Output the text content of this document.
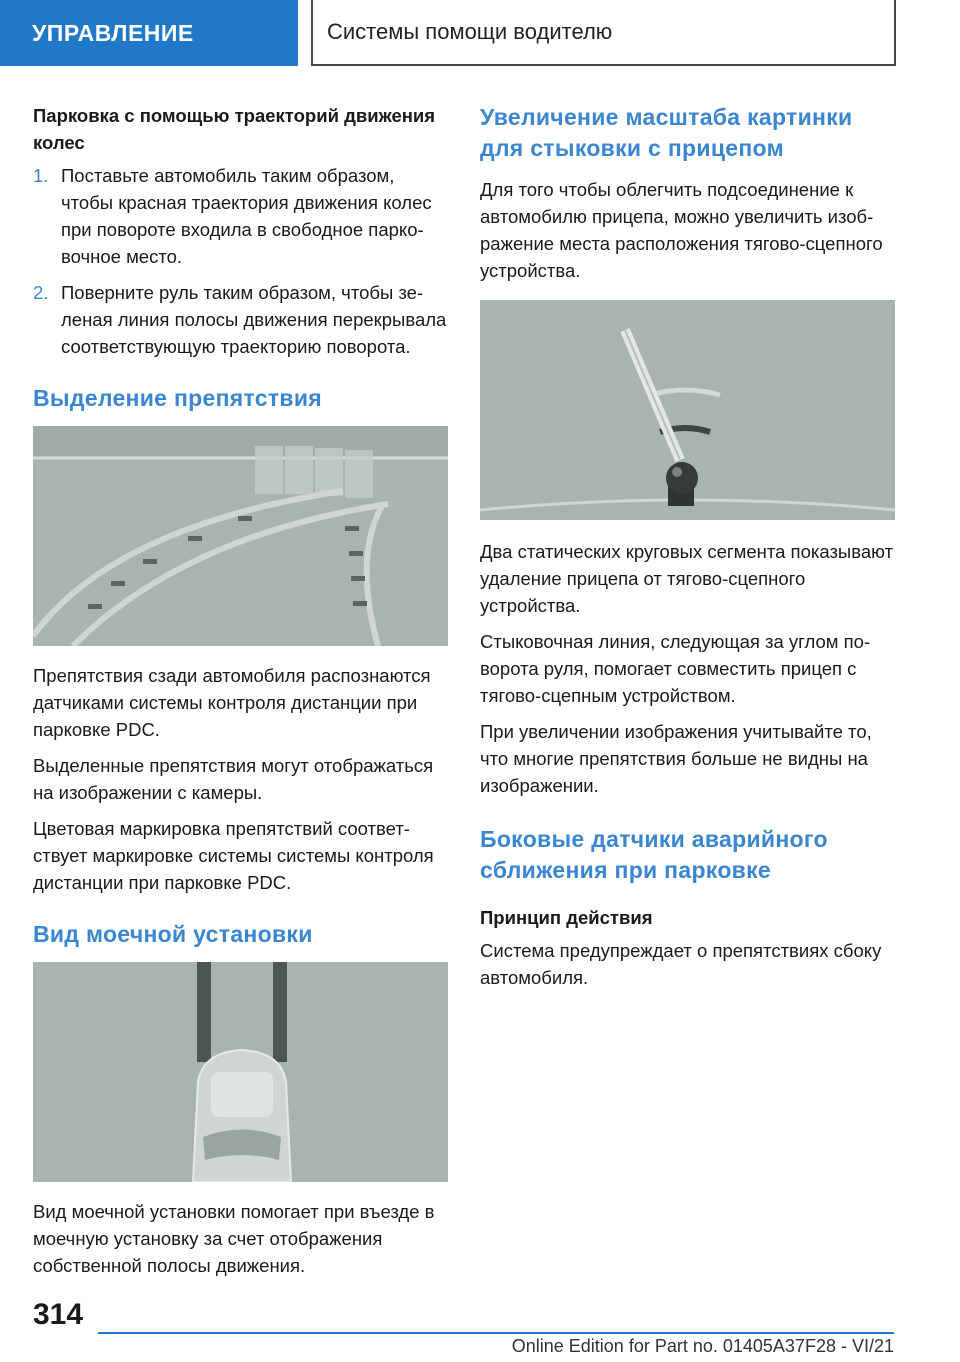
УПРАВЛЕНИЕ	Системы помощи водителю
Парковка с помощью траекторий движения колес
1. Поставьте автомобиль таким образом, чтобы красная траектория движения колес при повороте входила в свободное парковочное место.
2. Поверните руль таким образом, чтобы зеленая линия полосы движения перекрывала соответствующую траекторию поворота.
Выделение препятствия

Препятствия сзади автомобиля распознаются датчиками системы контроля дистанции при парковке PDC.

Выделенные препятствия могут отображаться на изображении с камеры.

Цветовая маркировка препятствий соответствует маркировке системы системы контроля дистанции при парковке PDC.

Вид моечной установки

Вид моечной установки помогает при въезде в моечную установку за счет отображения собственной полосы движения.

Увеличение масштаба картинки для стыковки с прицепом

Для того чтобы облегчить подсоединение к автомобилю прицепа, можно увеличить изображение места расположения тягово-сцепного устройства.

Два статических круговых сегмента показывают удаление прицепа от тягово-сцепного устройства.

Стыковочная линия, следующая за углом поворота руля, помогает совместить прицеп с тягово-сцепным устройством.

При увеличении изображения учитывайте то, что многие препятствия больше не видны на изображении.

Боковые датчики аварийного сближения при парковке
Принцип действия

Система предупреждает о препятствиях сбоку автомобиля.

314
Online Edition for Part no. 01405A37F28 - VI/21
